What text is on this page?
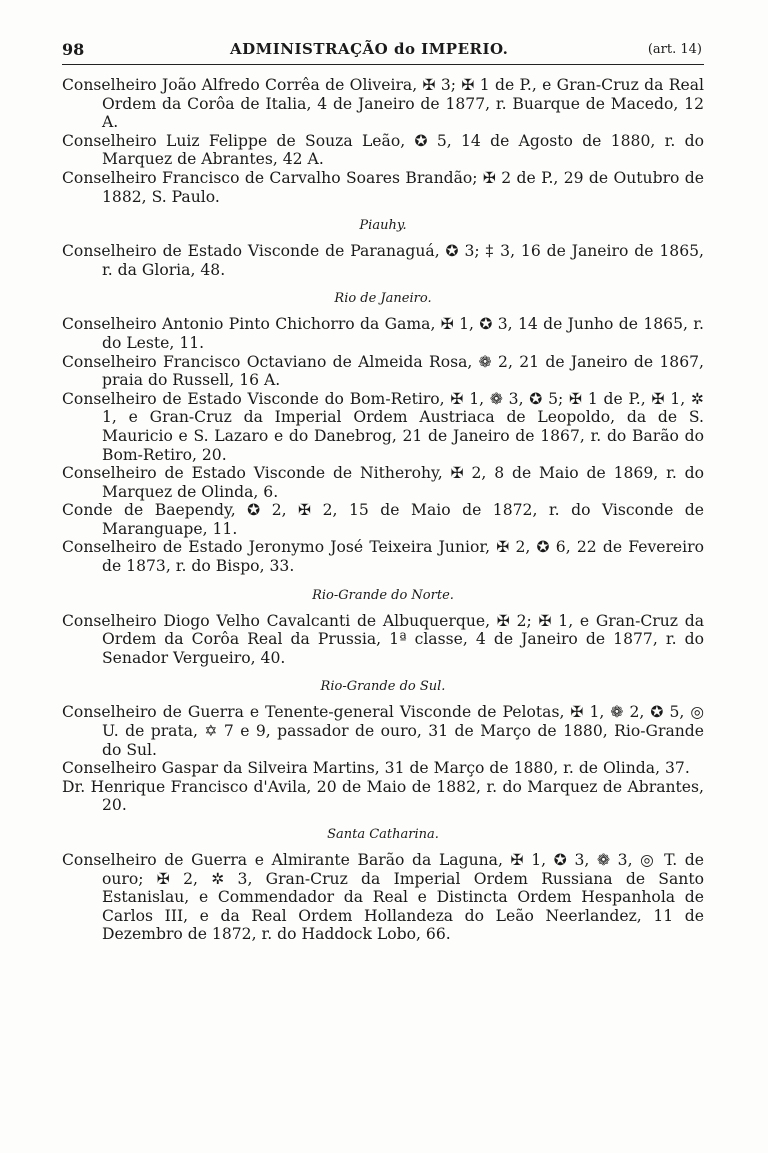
98	ADMINISTRAÇÃO do IMPERIO.	(art. 14)

Conselheiro João Alfredo Corrêa de Oliveira, ✠ 3; ✠ 1 de P., e Gran-Cruz da Real Ordem da Corôa de Italia, 4 de Janeiro de 1877, r. Buarque de Macedo, 12 A.

Conselheiro Luiz Felippe de Souza Leão, ✪ 5, 14 de Agosto de 1880, r. do Marquez de Abrantes, 42 A.

Conselheiro Francisco de Carvalho Soares Brandão; ✠ 2 de P., 29 de Outubro de 1882, S. Paulo.

Piauhy.

Conselheiro de Estado Visconde de Paranaguá, ✪ 3; ‡ 3, 16 de Janeiro de 1865, r. da Gloria, 48.

Rio de Janeiro.

Conselheiro Antonio Pinto Chichorro da Gama, ✠ 1, ✪ 3, 14 de Junho de 1865, r. do Leste, 11.

Conselheiro Francisco Octaviano de Almeida Rosa, ❁ 2, 21 de Janeiro de 1867, praia do Russell, 16 A.

Conselheiro de Estado Visconde do Bom-Retiro, ✠ 1, ❁ 3, ✪ 5; ✠ 1 de P., ✠ 1, ✲ 1, e Gran-Cruz da Imperial Ordem Austriaca de Leopoldo, da de S. Mauricio e S. Lazaro e do Danebrog, 21 de Janeiro de 1867, r. do Barão do Bom-Retiro, 20.

Conselheiro de Estado Visconde de Nitherohy, ✠ 2, 8 de Maio de 1869, r. do Marquez de Olinda, 6.

Conde de Baependy, ✪ 2, ✠ 2, 15 de Maio de 1872, r. do Visconde de Maranguape, 11.

Conselheiro de Estado Jeronymo José Teixeira Junior, ✠ 2, ✪ 6, 22 de Fevereiro de 1873, r. do Bispo, 33.

Rio-Grande do Norte.

Conselheiro Diogo Velho Cavalcanti de Albuquerque, ✠ 2; ✠ 1, e Gran-Cruz da Ordem da Corôa Real da Prussia, 1ª classe, 4 de Janeiro de 1877, r. do Senador Vergueiro, 40.

Rio-Grande do Sul.

Conselheiro de Guerra e Tenente-general Visconde de Pelotas, ✠ 1, ❁ 2, ✪ 5, ◎ U. de prata, ✡ 7 e 9, passador de ouro, 31 de Março de 1880, Rio-Grande do Sul.

Conselheiro Gaspar da Silveira Martins, 31 de Março de 1880, r. de Olinda, 37.

Dr. Henrique Francisco d'Avila, 20 de Maio de 1882, r. do Marquez de Abrantes, 20.

Santa Catharina.

Conselheiro de Guerra e Almirante Barão da Laguna, ✠ 1, ✪ 3, ❁ 3, ◎ T. de ouro; ✠ 2, ✲ 3, Gran-Cruz da Imperial Ordem Russiana de Santo Estanislau, e Commendador da Real e Distincta Ordem Hespanhola de Carlos III, e da Real Ordem Hollandeza do Leão Neerlandez, 11 de Dezembro de 1872, r. do Haddock Lobo, 66.
